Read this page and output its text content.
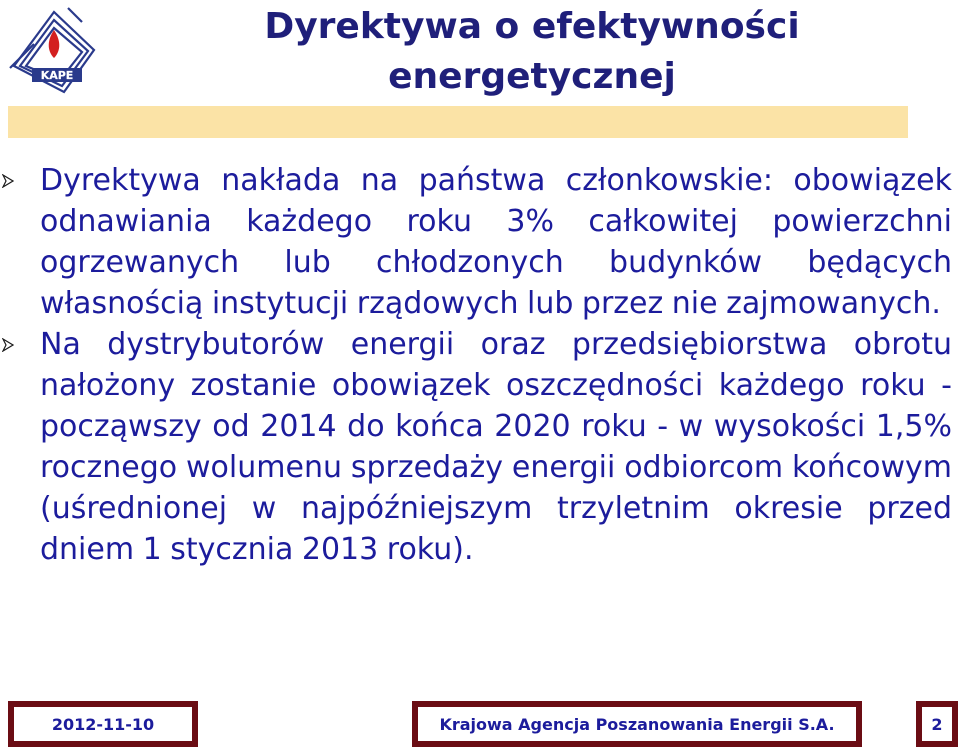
KAPE
Dyrektywa o efektywności
energetycznej

Dyrektywa nakłada na państwa członkowskie: obowiązek odnawiania każdego roku 3% całkowitej powierzchni ogrzewanych lub chłodzonych budynków będących własnością instytucji rządowych lub przez nie zajmowanych.

Na dystrybutorów energii oraz przedsiębiorstwa obrotu nałożony zostanie obowiązek oszczędności każdego roku - począwszy od 2014 do końca 2020 roku - w wysokości 1,5% rocznego wolumenu sprzedaży energii odbiorcom końcowym (uśrednionej w najpóźniejszym trzyletnim okresie przed dniem 1 stycznia 2013 roku).

2012-11-10	Krajowa Agencja Poszanowania Energii S.A.	2
